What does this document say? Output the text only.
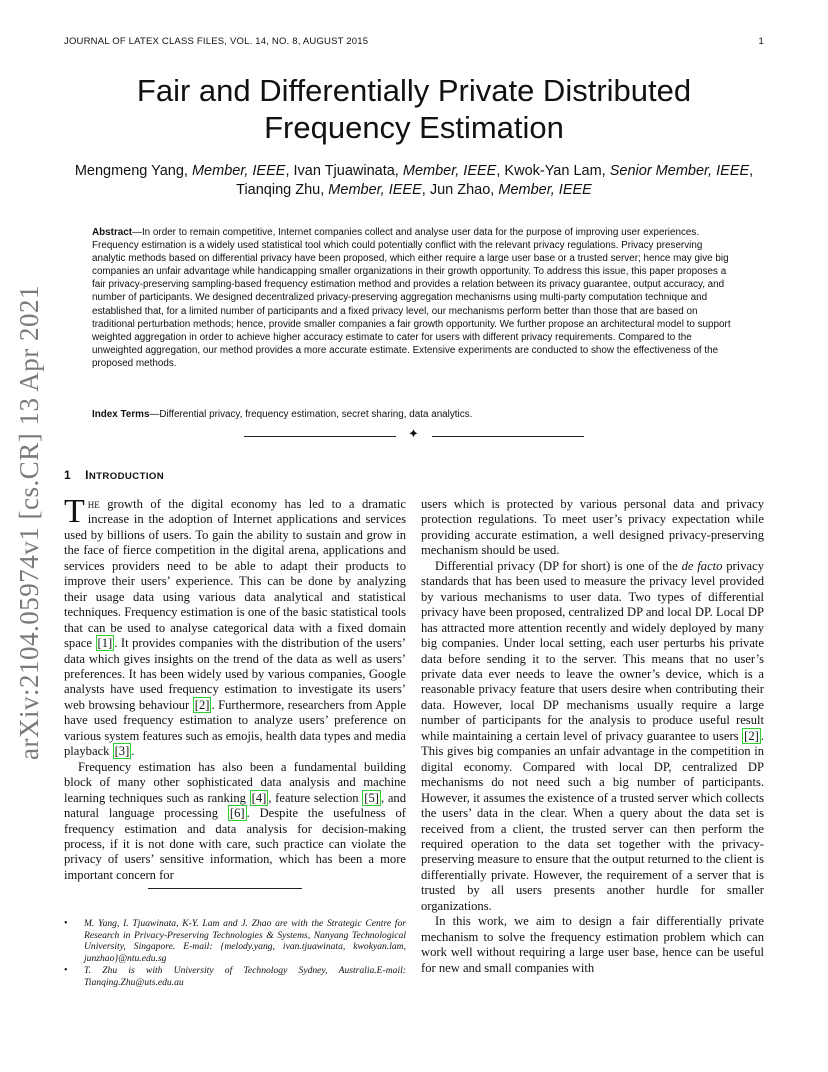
JOURNAL OF LATEX CLASS FILES, VOL. 14, NO. 8, AUGUST 2015	1
arXiv:2104.05974v1 [cs.CR] 13 Apr 2021
Fair and Differentially Private Distributed
Frequency Estimation
Mengmeng Yang, Member, IEEE, Ivan Tjuawinata, Member, IEEE, Kwok-Yan Lam, Senior Member, IEEE,
Tianqing Zhu, Member, IEEE, Jun Zhao, Member, IEEE

Abstract—In order to remain competitive, Internet companies collect and analyse user data for the purpose of improving user experiences. Frequency estimation is a widely used statistical tool which could potentially conflict with the relevant privacy regulations. Privacy preserving analytic methods based on differential privacy have been proposed, which either require a large user base or a trusted server; hence may give big companies an unfair advantage while handicapping smaller organizations in their growth opportunity. To address this issue, this paper proposes a fair privacy-preserving sampling-based frequency estimation method and provides a relation between its privacy guarantee, output accuracy, and number of participants. We designed decentralized privacy-preserving aggregation mechanisms using multi-party computation technique and established that, for a limited number of participants and a fixed privacy level, our mechanisms perform better than those that are based on traditional perturbation methods; hence, provide smaller companies a fair growth opportunity. We further propose an architectural model to support weighted aggregation in order to achieve higher accuracy estimate to cater for users with different privacy requirements. Compared to the unweighted aggregation, our method provides a more accurate estimate. Extensive experiments are conducted to show the effectiveness of the proposed methods.

Index Terms—Differential privacy, frequency estimation, secret sharing, data analytics.

✦
1 INTRODUCTION

The growth of the digital economy has led to a dramatic increase in the adoption of Internet applications and services used by billions of users. To gain the ability to sustain and grow in the face of fierce competition in the digital arena, applications and services providers need to be able to adapt their products to improve their users’ experience. This can be done by analyzing their usage data using various data analytical and statistical techniques. Frequency estimation is one of the basic statistical tools that can be used to analyse categorical data with a fixed domain space [1] . It provides companies with the distribution of the users’ data which gives insights on the trend of the data as well as users’ preferences. It has been widely used by various companies, Google analysts have used frequency estimation to investigate its users’ web browsing behaviour [2] . Furthermore, researchers from Apple have used frequency estimation to analyze users’ preference on various system features such as emojis, health data types and media playback [3] .

Frequency estimation has also been a fundamental building block of many other sophisticated data analysis and machine learning techniques such as ranking [4] , feature selection [5] , and natural language processing [6] . Despite the usefulness of frequency estimation and data analysis for decision-making process, if it is not done with care, such practice can violate the privacy of users’ sensitive information, which has been a more important concern for

• M. Yang, I. Tjuawinata, K-Y. Lam and J. Zhao are with the Strategic Centre for Research in Privacy-Preserving Technologies & Systems, Nanyang Technological University, Singapore. E-mail: {melody.yang, ivan.tjuawinata, kwokyan.lam, junzhao}@ntu.edu.sg
• T. Zhu is with University of Technology Sydney, Australia.E-mail: Tianqing.Zhu@uts.edu.au

users which is protected by various personal data and privacy protection regulations. To meet user’s privacy expectation while providing accurate estimation, a well designed privacy-preserving mechanism should be used.

Differential privacy (DP for short) is one of the de facto privacy standards that has been used to measure the privacy level provided by various mechanisms to user data. Two types of differential privacy have been proposed, centralized DP and local DP. Local DP has attracted more attention recently and widely deployed by many big companies. Under local setting, each user perturbs his private data before sending it to the server. This means that no user’s private data ever needs to leave the owner’s device, which is a reasonable privacy feature that users desire when contributing their data. However, local DP mechanisms usually require a large number of participants for the analysis to produce useful result while maintaining a certain level of privacy guarantee to users [2] . This gives big companies an unfair advantage in the competition in digital economy. Compared with local DP, centralized DP mechanisms do not need such a big number of participants. However, it assumes the existence of a trusted server which collects the users’ data in the clear. When a query about the data set is received from a client, the trusted server can then perform the required operation to the data set together with the privacy-preserving measure to ensure that the output returned to the client is differentially private. However, the requirement of a server that is trusted by all users presents another hurdle for smaller organizations.

In this work, we aim to design a fair differentially private mechanism to solve the frequency estimation problem which can work well without requiring a large user base, hence can be useful for new and small companies with
